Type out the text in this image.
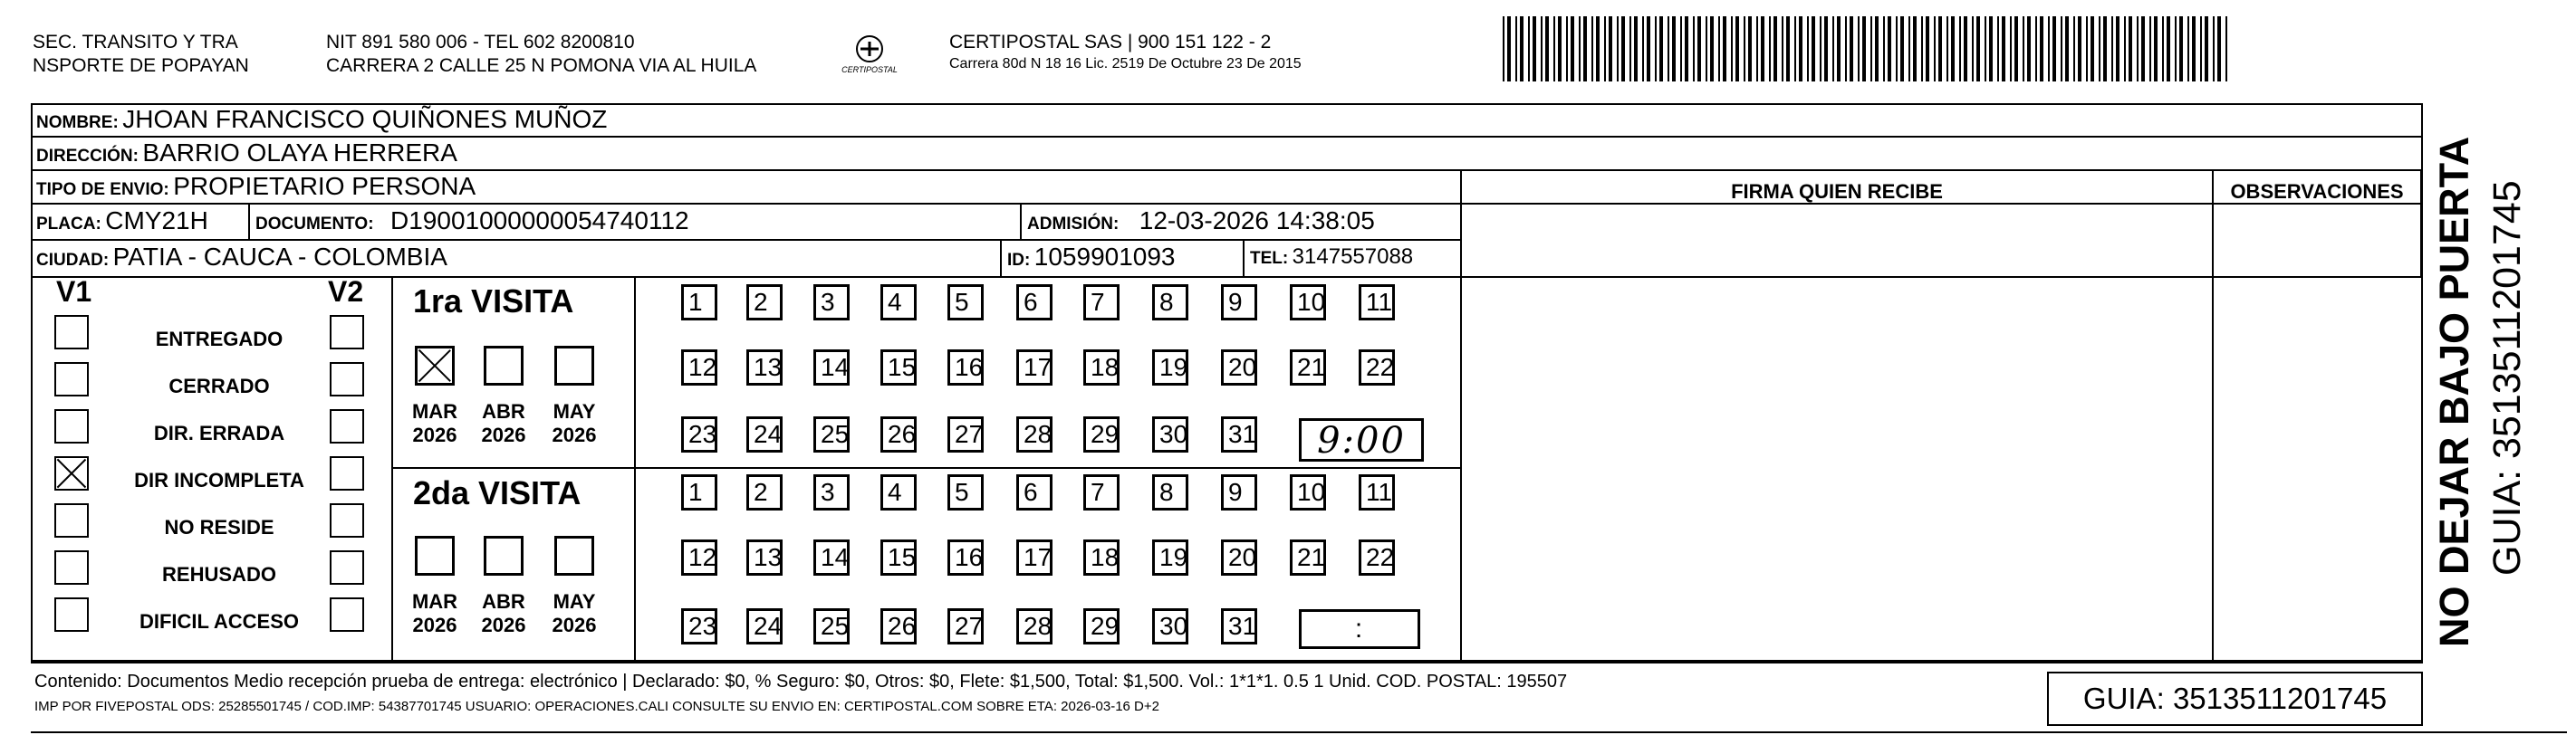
SEC. TRANSITO Y TRA
NSPORTE DE POPAYAN
NIT 891 580 006 - TEL 602 8200810
CARRERA 2 CALLE 25 N POMONA VIA AL HUILA	CERTIPOSTAL
CERTIPOSTAL SAS | 900 151 122 - 2
Carrera 80d N 18 16 Lic. 2519 De Octubre 23 De 2015
NOMBRE: JHOAN FRANCISCO QUIÑONES MUÑOZ
DIRECCIÓN: BARRIO OLAYA HERRERA
TIPO DE ENVIO: PROPIETARIO PERSONA
PLACA: CMY21H	DOCUMENTO: D19001000000054740112	ADMISIÓN: 12-03-2026 14:38:05
CIUDAD: PATIA - CAUCA - COLOMBIA	ID: 1059901093	TEL: 3147557088
FIRMA QUIEN RECIBE	OBSERVACIONES
V1	V2
ENTREGADO
CERRADO
DIR. ERRADA
DIR INCOMPLETA
NO RESIDE
REHUSADO
DIFICIL ACCESO
1ra VISITA
2da VISITA
MAR
2026
ABR
2026
MAY
2026
1	2	3	4	5	6	7	8	9	10 11
12 13 14 15 16 17 18 19 20 21 22
23 24 25 26 27 28 29 30 31
MAR
2026
ABR
2026
MAY
2026
1	2	3	4	5	6	7	8	9	10 11
12 13 14 15 16 17 18 19 20 21 22
23 24 25 26 27 28 29 30 31
9:00
:
Contenido: Documentos Medio recepción prueba de entrega: electrónico | Declarado: $0, % Seguro: $0, Otros: $0, Flete: $1,500, Total: $1,500. Vol.: 1*1*1. 0.5 1 Unid. COD. POSTAL: 195507
IMP POR FIVEPOSTAL ODS: 25285501745 / COD.IMP: 54387701745 USUARIO: OPERACIONES.CALI CONSULTE SU ENVIO EN: CERTIPOSTAL.COM SOBRE ETA: 2026-03-16 D+2	GUIA: 3513511201745
NO DEJAR BAJO PUERTA GUIA: 3513511201745
